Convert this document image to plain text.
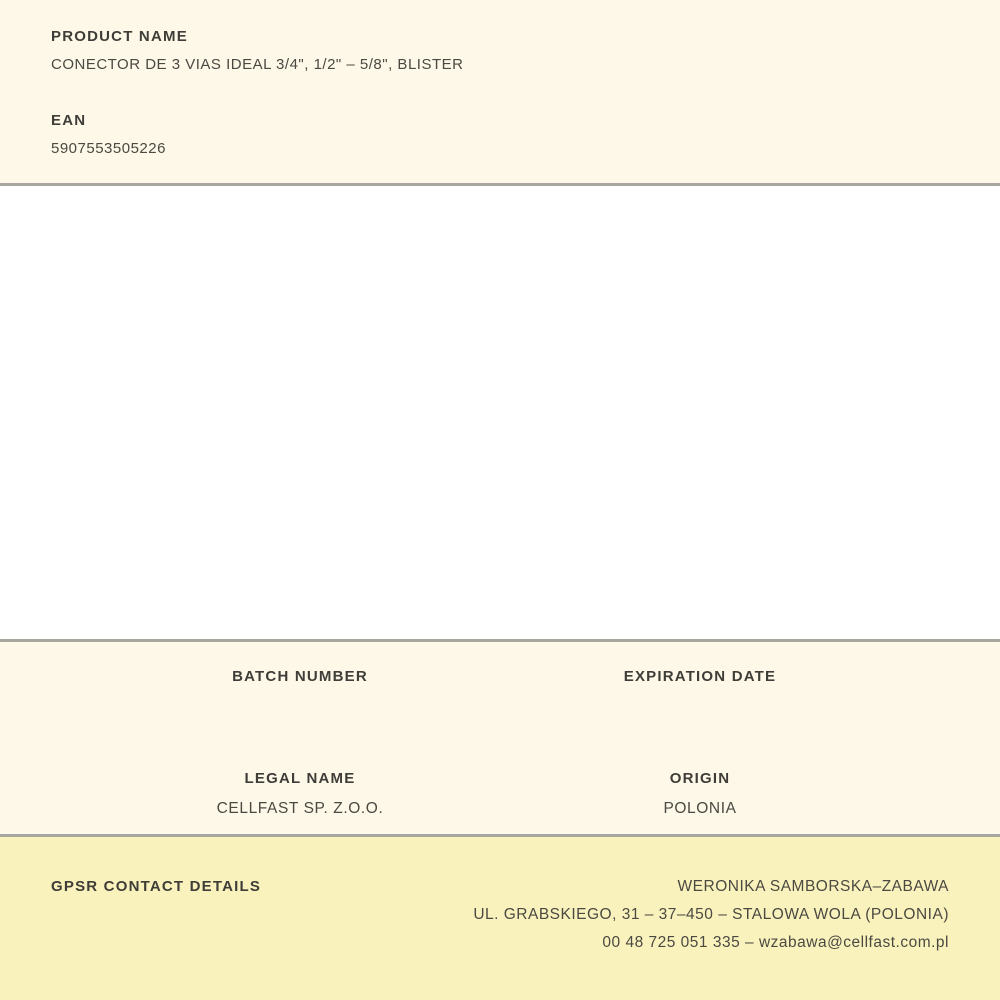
PRODUCT NAME
CONECTOR DE 3 VIAS IDEAL 3/4", 1/2" – 5/8", BLISTER
EAN
5907553505226
BATCH NUMBER	EXPIRATION DATE
LEGAL NAME
CELLFAST SP. Z.O.O.
ORIGIN
POLONIA
GPSR CONTACT DETAILS	WERONIKA SAMBORSKA–ZABAWA
UL. GRABSKIEGO, 31 – 37–450 – STALOWA WOLA (POLONIA)
00 48 725 051 335 – wzabawa@cellfast.com.pl
